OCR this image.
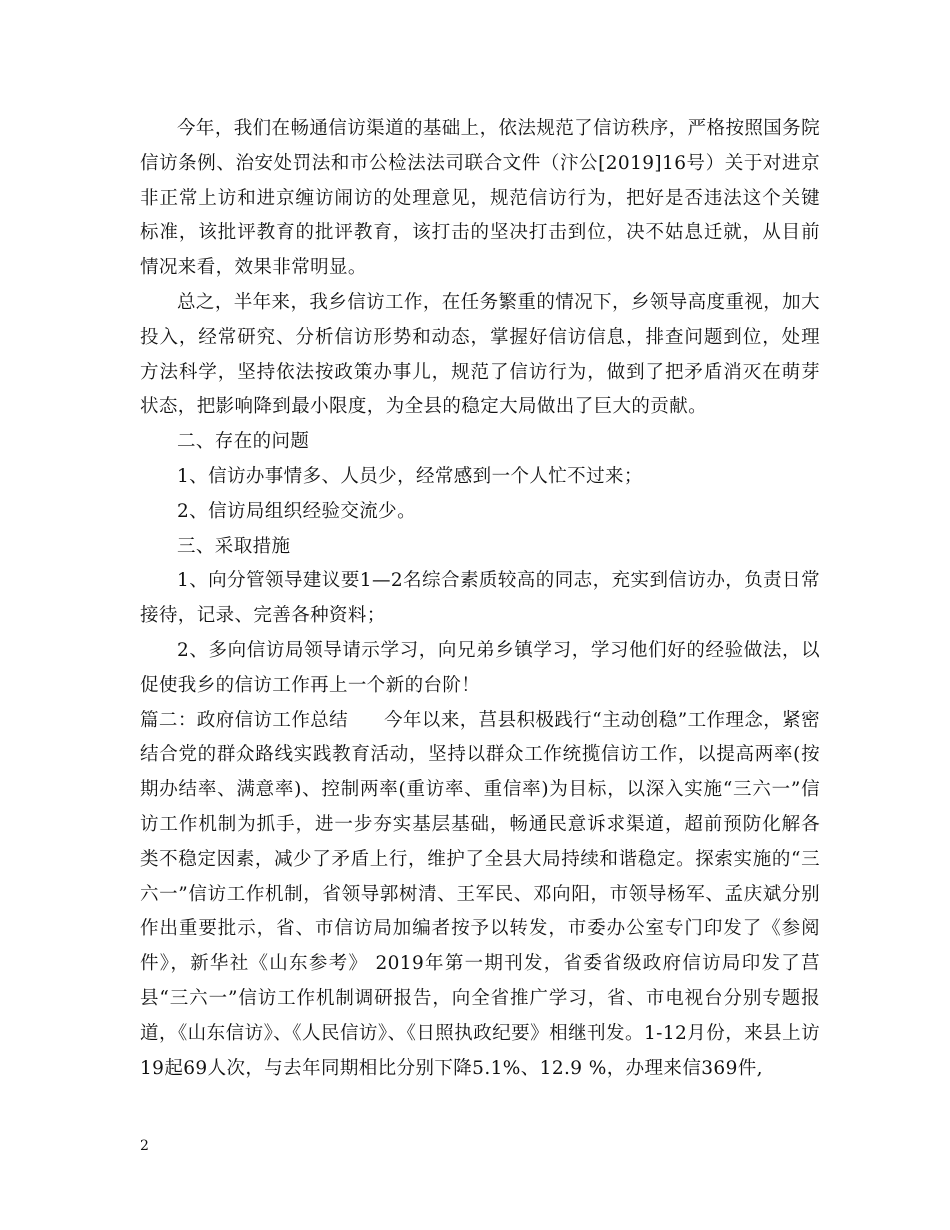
今年，我们在畅通信访渠道的基础上，依法规范了信访秩序，严格按照国务院信访条例、治安处罚法和市公检法法司联合文件（汴公[2019]16号）关于对进京非正常上访和进京缠访闹访的处理意见，规范信访行为，把好是否违法这个关键标准，该批评教育的批评教育，该打击的坚决打击到位，决不姑息迁就，从目前情况来看，效果非常明显。

总之，半年来，我乡信访工作，在任务繁重的情况下，乡领导高度重视，加大投入，经常研究、分析信访形势和动态，掌握好信访信息，排查问题到位，处理方法科学，坚持依法按政策办事儿，规范了信访行为，做到了把矛盾消灭在萌芽状态，把影响降到最小限度，为全县的稳定大局做出了巨大的贡献。

二、存在的问题

1、信访办事情多、人员少，经常感到一个人忙不过来；

2、信访局组织经验交流少。

三、采取措施

1、向分管领导建议要1—2名综合素质较高的同志，充实到信访办，负责日常接待，记录、完善各种资料；

2、多向信访局领导请示学习，向兄弟乡镇学习，学习他们好的经验做法，以促使我乡的信访工作再上一个新的台阶！

篇二：政府信访工作总结 今年以来，莒县积极践行“主动创稳”工作理念，紧密结合党的群众路线实践教育活动，坚持以群众工作统揽信访工作，以提高两率(按期办结率、满意率)、控制两率(重访率、重信率)为目标，以深入实施“三六一”信访工作机制为抓手，进一步夯实基层基础，畅通民意诉求渠道，超前预防化解各类不稳定因素，减少了矛盾上行，维护了全县大局持续和谐稳定。探索实施的“三六一”信访工作机制，省领导郭树清、王军民、邓向阳，市领导杨军、孟庆斌分别作出重要批示，省、市信访局加编者按予以转发，市委办公室专门印发了《参阅件》，新华社《山东参考》 2019年第一期刊发，省委省级政府信访局印发了莒县“三六一”信访工作机制调研报告，向全省推广学习，省、市电视台分别专题报道，《山东信访》、《人民信访》、《日照执政纪要》相继刊发。1-12月份，来县上访 19起69人次，与去年同期相比分别下降5.1%、12.9 %，办理来信369件,

2
